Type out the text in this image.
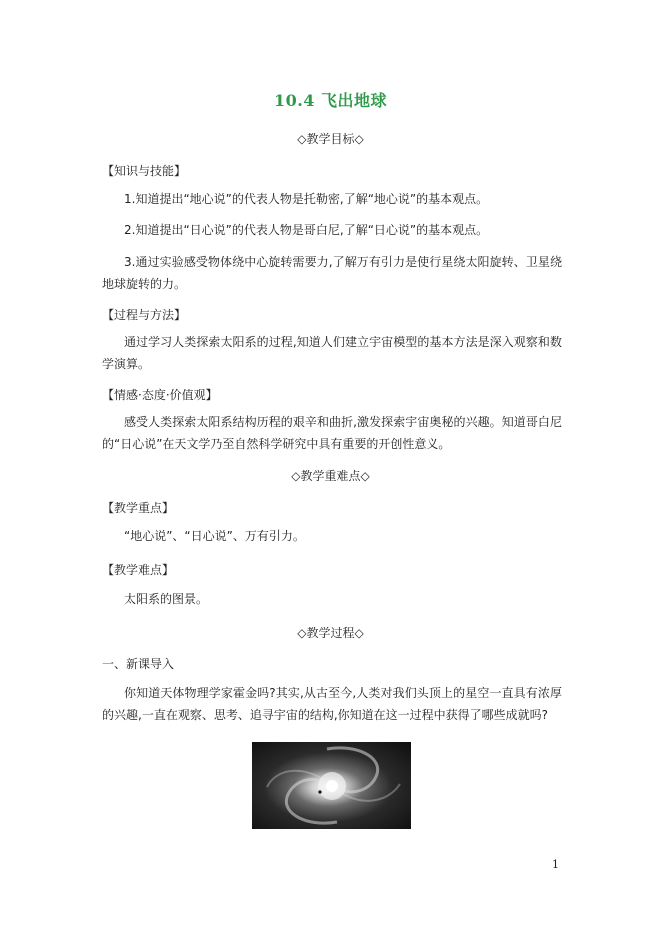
10.4 飞出地球
◇教学目标◇
【知识与技能】
1.知道提出“地心说”的代表人物是托勒密,了解“地心说”的基本观点。
2.知道提出“日心说”的代表人物是哥白尼,了解“日心说”的基本观点。
3.通过实验感受物体绕中心旋转需要力,了解万有引力是使行星绕太阳旋转、卫星绕地球旋转的力。
【过程与方法】
通过学习人类探索太阳系的过程,知道人们建立宇宙模型的基本方法是深入观察和数学演算。
【情感·态度·价值观】
感受人类探索太阳系结构历程的艰辛和曲折,激发探索宇宙奥秘的兴趣。知道哥白尼的“日心说”在天文学乃至自然科学研究中具有重要的开创性意义。
◇教学重难点◇
【教学重点】
“地心说”、“日心说”、万有引力。
【教学难点】
太阳系的图景。
◇教学过程◇
一、新课导入
你知道天体物理学家霍金吗?其实,从古至今,人类对我们头顶上的星空一直具有浓厚的兴趣,一直在观察、思考、追寻宇宙的结构,你知道在这一过程中获得了哪些成就吗?
1
